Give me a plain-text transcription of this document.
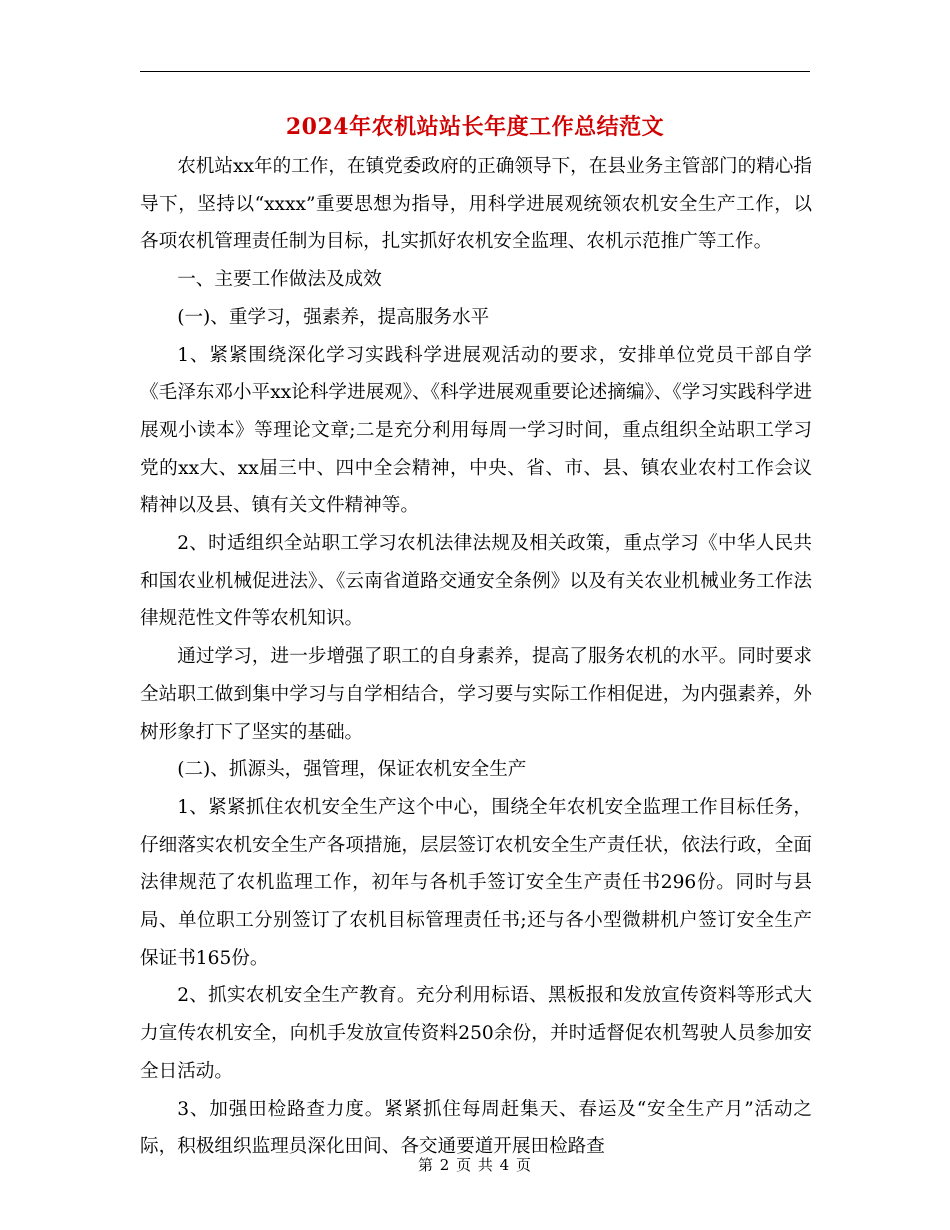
2024年农机站站长年度工作总结范文

农机站xx年的工作，在镇党委政府的正确领导下，在县业务主管部门的精心指导下，坚持以“xxxx”重要思想为指导，用科学进展观统领农机安全生产工作，以各项农机管理责任制为目标，扎实抓好农机安全监理、农机示范推广等工作。

一、主要工作做法及成效

(一)、重学习，强素养，提高服务水平

1、紧紧围绕深化学习实践科学进展观活动的要求，安排单位党员干部自学《毛泽东邓小平xx论科学进展观》、《科学进展观重要论述摘编》、《学习实践科学进展观小读本》等理论文章;二是充分利用每周一学习时间，重点组织全站职工学习党的xx大、xx届三中、四中全会精神，中央、省、市、县、镇农业农村工作会议精神以及县、镇有关文件精神等。

2、时适组织全站职工学习农机法律法规及相关政策，重点学习《中华人民共和国农业机械促进法》、《云南省道路交通安全条例》以及有关农业机械业务工作法律规范性文件等农机知识。

通过学习，进一步增强了职工的自身素养，提高了服务农机的水平。同时要求全站职工做到集中学习与自学相结合，学习要与实际工作相促进，为内强素养，外树形象打下了坚实的基础。

(二)、抓源头，强管理，保证农机安全生产

1、紧紧抓住农机安全生产这个中心，围绕全年农机安全监理工作目标任务，仔细落实农机安全生产各项措施，层层签订农机安全生产责任状，依法行政，全面法律规范了农机监理工作，初年与各机手签订安全生产责任书296份。同时与县局、单位职工分别签订了农机目标管理责任书;还与各小型微耕机户签订安全生产保证书165份。

2、抓实农机安全生产教育。充分利用标语、黑板报和发放宣传资料等形式大力宣传农机安全，向机手发放宣传资料250余份，并时适督促农机驾驶人员参加安全日活动。

3、加强田检路查力度。紧紧抓住每周赶集天、春运及“安全生产月”活动之际，积极组织监理员深化田间、各交通要道开展田检路查

第 2 页 共 4 页
